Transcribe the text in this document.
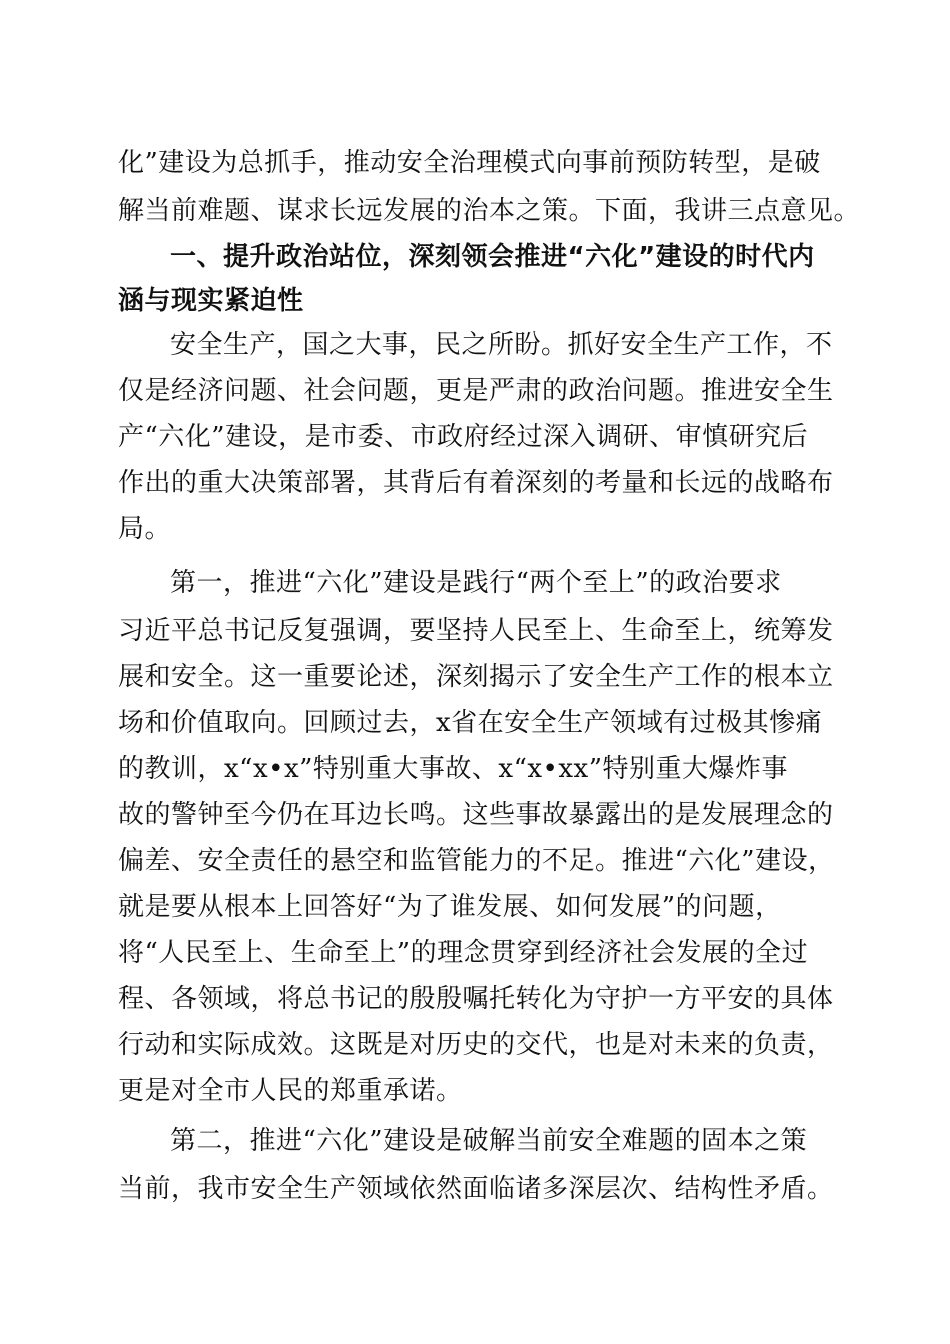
化”建设为总抓手，推动安全治理模式向事前预防转型，是破
解当前难题、谋求长远发展的治本之策。下面，我讲三点意见。
一、提升政治站位，深刻领会推进“六化”建设的时代内
涵与现实紧迫性
安全生产，国之大事，民之所盼。抓好安全生产工作，不
仅是经济问题、社会问题，更是严肃的政治问题。推进安全生
产“六化”建设，是市委、市政府经过深入调研、审慎研究后
作出的重大决策部署，其背后有着深刻的考量和长远的战略布
局。
第一，推进“六化”建设是践行“两个至上”的政治要求
习近平总书记反复强调，要坚持人民至上、生命至上，统筹发
展和安全。这一重要论述，深刻揭示了安全生产工作的根本立
场和价值取向。回顾过去，x省在安全生产领域有过极其惨痛
的教训，x“x•x”特别重大事故、x“x•xx”特别重大爆炸事
故的警钟至今仍在耳边长鸣。这些事故暴露出的是发展理念的
偏差、安全责任的悬空和监管能力的不足。推进“六化”建设，
就是要从根本上回答好“为了谁发展、如何发展”的问题，
将“人民至上、生命至上”的理念贯穿到经济社会发展的全过
程、各领域，将总书记的殷殷嘱托转化为守护一方平安的具体
行动和实际成效。这既是对历史的交代，也是对未来的负责，
更是对全市人民的郑重承诺。
第二，推进“六化”建设是破解当前安全难题的固本之策
当前，我市安全生产领域依然面临诸多深层次、结构性矛盾。
